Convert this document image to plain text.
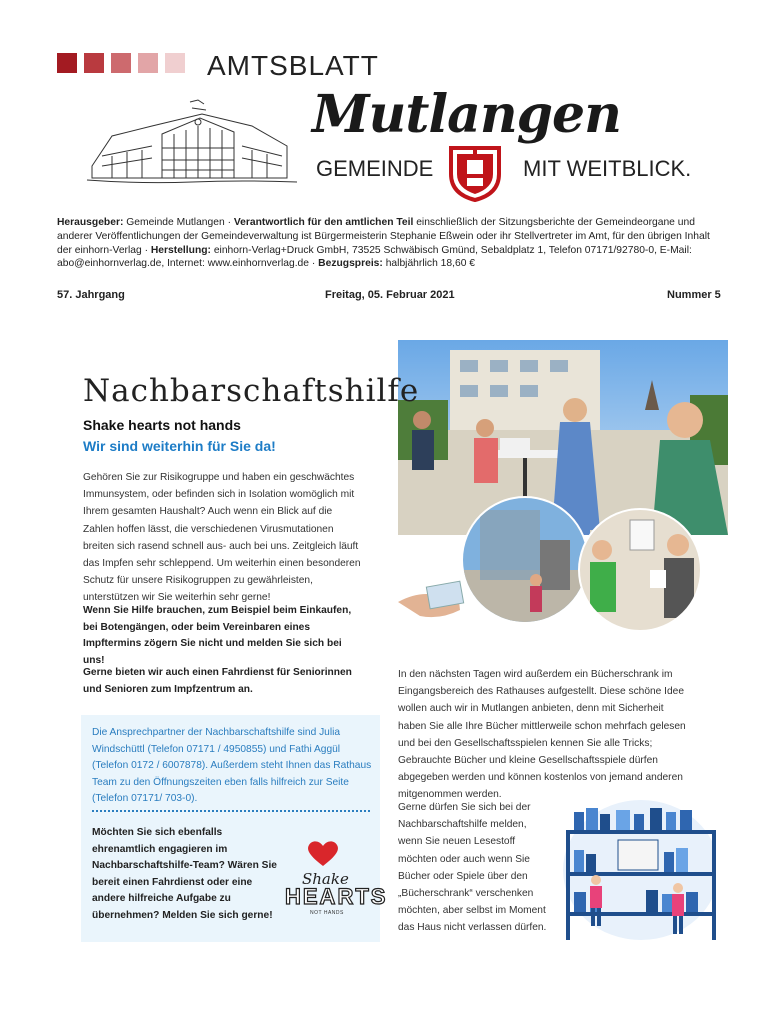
AMTSBLATT
Mutlangen
GEMEINDE	MIT WEITBLICK.
Herausgeber: Gemeinde Mutlangen · Verantwortlich für den amtlichen Teil einschließlich der Sitzungsberichte der Gemeindeorgane und anderer Veröffentlichungen der Gemeindeverwaltung ist Bürgermeisterin Stephanie Eßwein oder ihr Stellvertreter im Amt, für den übrigen Inhalt der einhorn-Verlag · Herstellung: einhorn-Verlag+Druck GmbH, 73525 Schwäbisch Gmünd, Sebaldplatz 1, Telefon 07171/92780-0, E-Mail: abo@einhornverlag.de, Internet: www.einhornverlag.de · Bezugspreis: halbjährlich 18,60 €
57. Jahrgang	Freitag, 05. Februar 2021	Nummer 5
Nachbarschaftshilfe
Shake hearts not hands
Wir sind weiterhin für Sie da!
Gehören Sie zur Risikogruppe und haben ein geschwächtes Immunsystem, oder befinden sich in Isolation womöglich mit Ihrem gesamten Haushalt? Auch wenn ein Blick auf die Zahlen hoffen lässt, die verschiedenen Virusmutationen breiten sich rasend schnell aus- auch bei uns. Zeitgleich läuft das Impfen sehr schleppend. Um weiterhin einen besonderen Schutz für unsere Risikogruppen zu gewährleisten, unterstützen wir Sie weiterhin sehr gerne!
Wenn Sie Hilfe brauchen, zum Beispiel beim Einkaufen, bei Botengängen, oder beim Vereinbaren eines Impftermins zögern Sie nicht und melden Sie sich bei uns!
Gerne bieten wir auch einen Fahrdienst für Seniorinnen und Senioren zum Impfzentrum an.
Die Ansprechpartner der Nachbarschaftshilfe sind Julia Windschüttl (Telefon 07171 / 4950855) und Fathi Aggül (Telefon 0172 / 6007878). Außerdem steht Ihnen das Rathaus Team zu den Öffnungszeiten eben falls hilfreich zur Seite (Telefon 07171/ 703-0).
Möchten Sie sich ebenfalls ehrenamtlich engagieren im Nachbarschaftshilfe-Team? Wären Sie bereit einen Fahrdienst oder eine andere hilfreiche Aufgabe zu übernehmen? Melden Sie sich gerne!
Shake
HEARTS
NOT HANDS
In den nächsten Tagen wird außerdem ein Bücherschrank im Eingangsbereich des Rathauses aufgestellt. Diese schöne Idee wollen auch wir in Mutlangen anbieten, denn mit Sicherheit haben Sie alle Ihre Bücher mittlerweile schon mehrfach gelesen und bei den Gesellschaftsspielen kennen Sie alle Tricks; Gebrauchte Bücher und kleine Gesellschaftsspiele dürfen abgegeben werden und können kostenlos von jemand anderen mitgenommen werden.
Gerne dürfen Sie sich bei der Nachbarschaftshilfe melden, wenn Sie neuen Lesestoff möchten oder auch wenn Sie Bücher oder Spiele über den „Bücherschrank“ verschenken möchten, aber selbst im Moment das Haus nicht verlassen dürfen.
